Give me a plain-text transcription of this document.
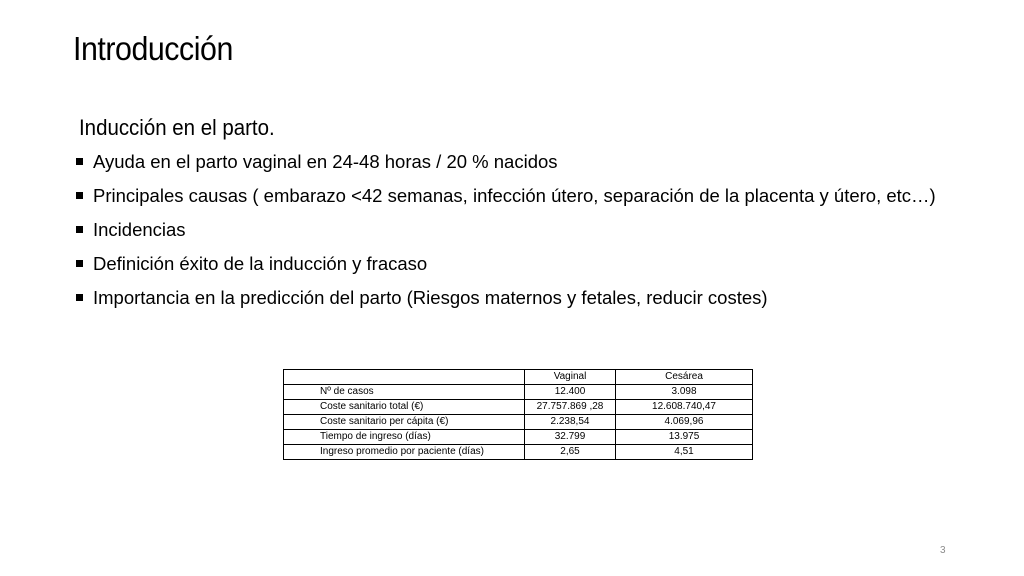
Introducción
Inducción en el parto.
Ayuda en el parto vaginal en 24-48 horas / 20 % nacidos
Principales causas ( embarazo <42 semanas, infección útero, separación de la placenta y útero, etc…)
Incidencias
Definición éxito de la inducción y fracaso
Importancia en la predicción del parto (Riesgos maternos y fetales, reducir costes)
	Vaginal	Cesárea
Nº de casos	12.400	3.098
Coste sanitario total (€)	27.757.869 ,28	12.608.740,47
Coste sanitario per cápita (€)	2.238,54	4.069,96
Tiempo de ingreso (días)	32.799	13.975
Ingreso promedio por paciente (días)	2,65	4,51
3
